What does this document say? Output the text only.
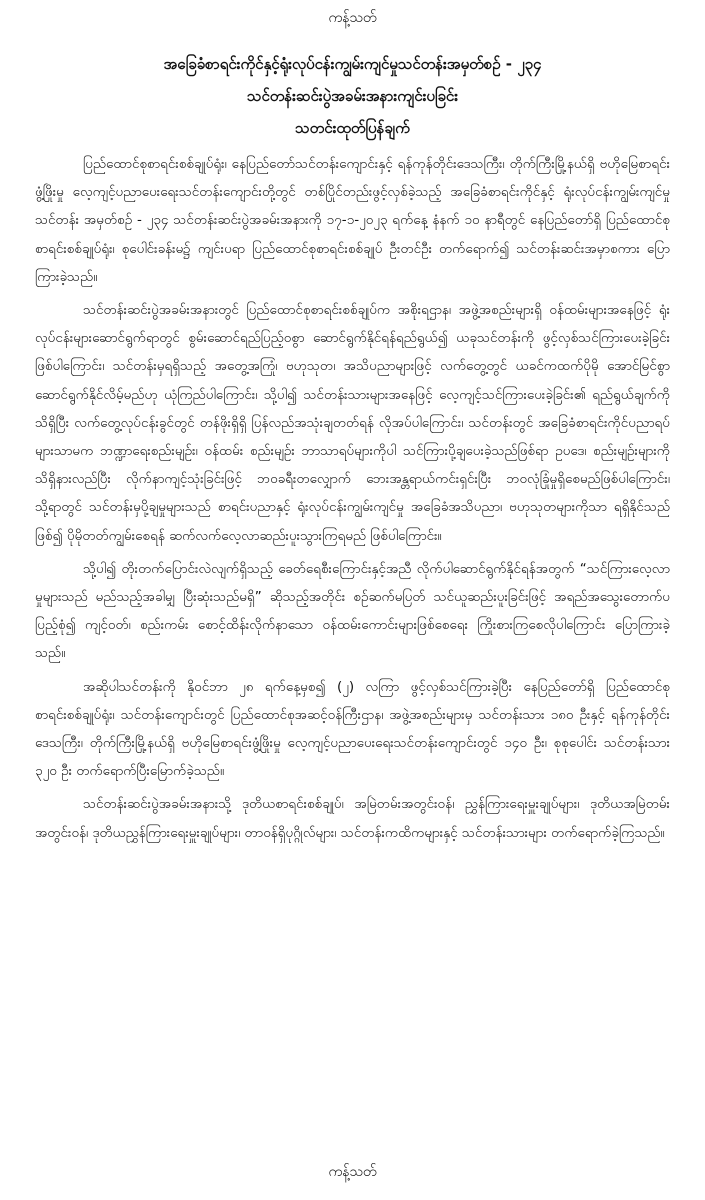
ကန့်သတ်
အခြေခံစာရင်းကိုင်နှင့်ရုံးလုပ်ငန်းကျွမ်းကျင်မှုသင်တန်းအမှတ်စဉ် - ၂၃၄
သင်တန်းဆင်းပွဲအခမ်းအနားကျင်းပခြင်း
သတင်းထုတ်ပြန်ချက်

ပြည်ထောင်စုစာရင်းစစ်ချုပ်ရုံး၊ နေပြည်တော်သင်တန်းကျောင်းနှင့် ရန်ကုန်တိုင်းဒေသကြီး၊ တိုက်ကြီးမြို့နယ်ရှိ ဗဟိုမြေစာရင်းဖွံ့ဖြိုးမှု လေ့ကျင့်ပညာပေးရေးသင်တန်းကျောင်းတို့တွင် တစ်ပြိုင်တည်းဖွင့်လှစ်ခဲ့သည့် အခြေခံစာရင်းကိုင်နှင့် ရုံးလုပ်ငန်းကျွမ်းကျင်မှုသင်တန်း အမှတ်စဉ် - ၂၃၄ သင်တန်းဆင်းပွဲအခမ်းအနားကို ၁၇-၁-၂၀၂၃ ရက်နေ့ နံနက် ၁၀ နာရီတွင် နေပြည်တော်ရှိ ပြည်ထောင်စုစာရင်းစစ်ချုပ်ရုံး၊ စုပေါင်းခန်းမ၌ ကျင်းပရာ ပြည်ထောင်စုစာရင်းစစ်ချုပ် ဦးတင်ဦး တက်ရောက်၍ သင်တန်းဆင်းအမှာစကား ပြောကြားခဲ့သည်။

သင်တန်းဆင်းပွဲအခမ်းအနားတွင် ပြည်ထောင်စုစာရင်းစစ်ချုပ်က အစိုးရဌာန၊ အဖွဲ့အစည်းများရှိ ဝန်ထမ်းများအနေဖြင့် ရုံးလုပ်ငန်းများဆောင်ရွက်ရာတွင် စွမ်းဆောင်ရည်ပြည့်ဝစွာ ဆောင်ရွက်နိုင်ရန်ရည်ရွယ်၍ ယခုသင်တန်းကို ဖွင့်လှစ်သင်ကြားပေးခဲ့ခြင်း ဖြစ်ပါကြောင်း၊ သင်တန်းမှရရှိသည့် အတွေ့အကြုံ၊ ဗဟုသုတ၊ အသိပညာများဖြင့် လက်တွေ့တွင် ယခင်ကထက်ပိုမို အောင်မြင်စွာ ဆောင်ရွက်နိုင်လိမ့်မည်ဟု ယုံကြည်ပါကြောင်း၊ သို့ပါ၍ သင်တန်းသားများအနေဖြင့် လေ့ကျင့်သင်ကြားပေးခဲ့ခြင်း၏ ရည်ရွယ်ချက်ကိုသိရှိပြီး လက်တွေ့လုပ်ငန်းခွင်တွင် တန်ဖိုးရှိရှိ ပြန်လည်အသုံးချတတ်ရန် လိုအပ်ပါကြောင်း၊ သင်တန်းတွင် အခြေခံစာရင်းကိုင်ပညာရပ်များသာမက ဘဏ္ဍာရေးစည်းမျဉ်း၊ ဝန်ထမ်း စည်းမျဉ်း ဘာသာရပ်များကိုပါ သင်ကြားပို့ချပေးခဲ့သည်ဖြစ်ရာ ဥပဒေ၊ စည်းမျဉ်းများကို သိရှိနားလည်ပြီး လိုက်နာကျင့်သုံးခြင်းဖြင့် ဘဝခရီးတလျှောက် ဘေးအန္တရာယ်ကင်းရှင်းပြီး ဘဝလုံခြုံမှုရှိစေမည်ဖြစ်ပါကြောင်း၊ သို့ရာတွင် သင်တန်းမှပို့ချမှုများသည် စာရင်းပညာနှင့် ရုံးလုပ်ငန်းကျွမ်းကျင်မှု အခြေခံအသိပညာ၊ ဗဟုသုတများကိုသာ ရရှိနိုင်သည်ဖြစ်၍ ပိုမိုတတ်ကျွမ်းစေရန် ဆက်လက်လေ့လာဆည်းပူးသွားကြရမည် ဖြစ်ပါကြောင်း။

သို့ပါ၍ တိုးတက်ပြောင်းလဲလျက်ရှိသည့် ခေတ်ရေစီးကြောင်းနှင့်အညီ လိုက်ပါဆောင်ရွက်နိုင်ရန်အတွက် “သင်ကြားလေ့လာမှုများသည် မည်သည့်အခါမျှ ပြီးဆုံးသည်မရှိ” ဆိုသည့်အတိုင်း စဉ်ဆက်မပြတ် သင်ယူဆည်းပူးခြင်းဖြင့် အရည်အသွေးတောက်ပပြည့်စုံ၍ ကျင့်ဝတ်၊ စည်းကမ်း စောင့်ထိန်းလိုက်နာသော ဝန်ထမ်းကောင်းများဖြစ်စေရေး ကြိုးစားကြစေလိုပါကြောင်း ပြောကြားခဲ့ သည်။

အဆိုပါသင်တန်းကို နိုဝင်ဘာ ၂၈ ရက်နေ့မှစ၍ (၂) လကြာ ဖွင့်လှစ်သင်ကြားခဲ့ပြီး နေပြည်တော်ရှိ ပြည်ထောင်စုစာရင်းစစ်ချုပ်ရုံး၊ သင်တန်းကျောင်းတွင် ပြည်ထောင်စုအဆင့်ဝန်ကြီးဌာန၊ အဖွဲ့အစည်းများမှ သင်တန်းသား ၁၈၀ ဦးနှင့် ရန်ကုန်တိုင်းဒေသကြီး၊ တိုက်ကြီးမြို့နယ်ရှိ ဗဟိုမြေစာရင်းဖွံ့ဖြိုးမှု လေ့ကျင့်ပညာပေးရေးသင်တန်းကျောင်းတွင် ၁၄၀ ဦး၊ စုစုပေါင်း သင်တန်းသား ၃၂၀ ဦး တက်ရောက်ပြီးမြောက်ခဲ့သည်။

သင်တန်းဆင်းပွဲအခမ်းအနားသို့ ဒုတိယစာရင်းစစ်ချုပ်၊ အမြဲတမ်းအတွင်းဝန်၊ ညွှန်ကြားရေးမှူးချုပ်များ၊ ဒုတိယအမြဲတမ်းအတွင်းဝန်၊ ဒုတိယညွှန်ကြားရေးမှူးချုပ်များ၊ တာဝန်ရှိပုဂ္ဂိုလ်များ၊ သင်တန်းကထိကများနှင့် သင်တန်းသားများ တက်ရောက်ခဲ့ကြသည်။

ကန့်သတ်
